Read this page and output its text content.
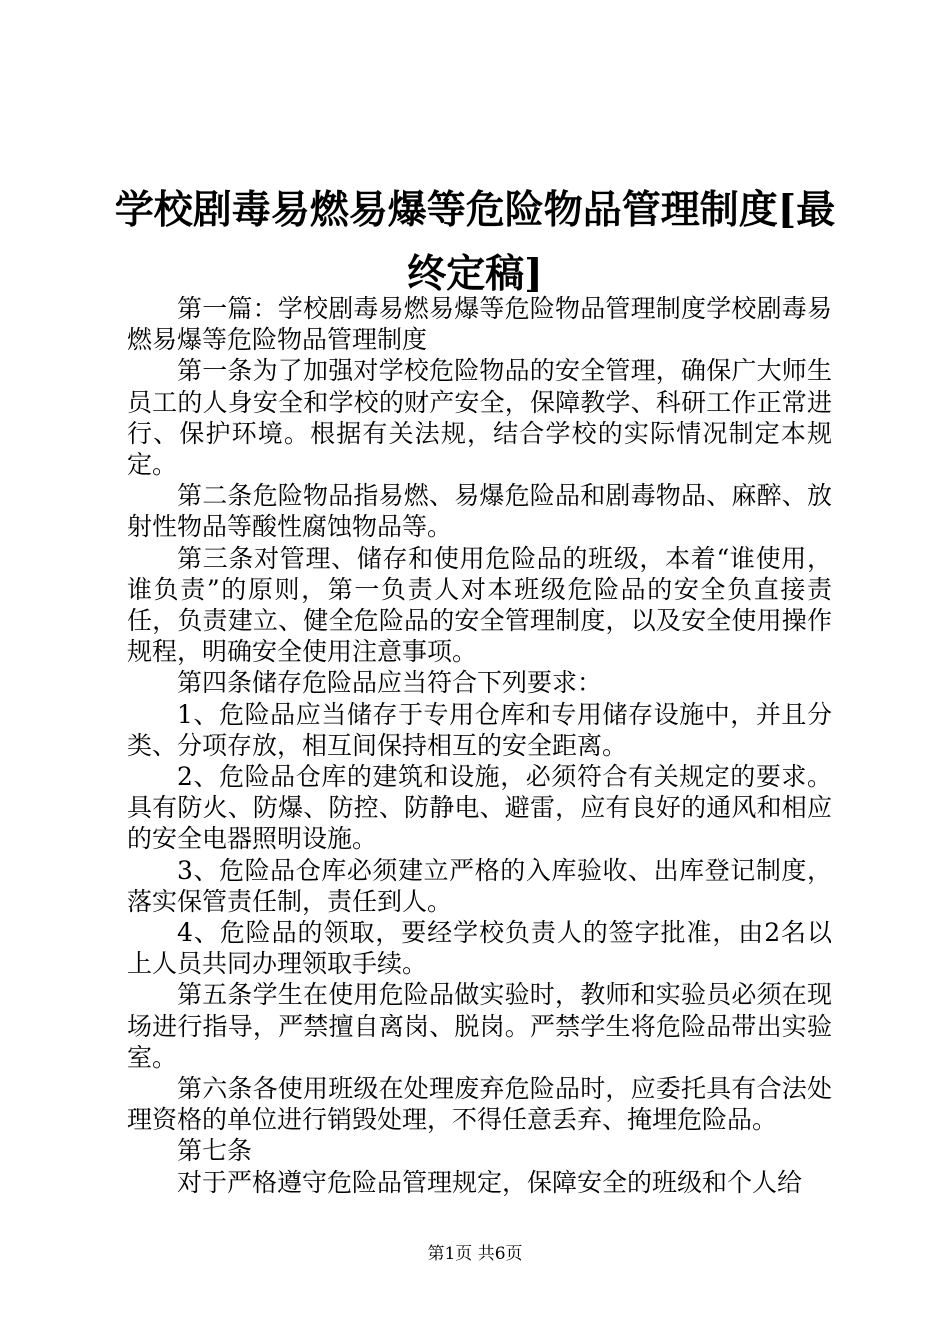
学校剧毒易燃易爆等危险物品管理制度[最终定稿]

第一篇：学校剧毒易燃易爆等危险物品管理制度学校剧毒易燃易爆等危险物品管理制度

第一条为了加强对学校危险物品的安全管理，确保广大师生员工的人身安全和学校的财产安全，保障教学、科研工作正常进行、保护环境。根据有关法规，结合学校的实际情况制定本规定。

第二条危险物品指易燃、易爆危险品和剧毒物品、麻醉、放射性物品等酸性腐蚀物品等。

第三条对管理、储存和使用危险品的班级，本着“谁使用，谁负责”的原则，第一负责人对本班级危险品的安全负直接责任，负责建立、健全危险品的安全管理制度，以及安全使用操作规程，明确安全使用注意事项。

第四条储存危险品应当符合下列要求：

1、危险品应当储存于专用仓库和专用储存设施中，并且分类、分项存放，相互间保持相互的安全距离。

2、危险品仓库的建筑和设施，必须符合有关规定的要求。具有防火、防爆、防控、防静电、避雷，应有良好的通风和相应的安全电器照明设施。

3、危险品仓库必须建立严格的入库验收、出库登记制度，落实保管责任制，责任到人。

4、危险品的领取，要经学校负责人的签字批准，由2名以上人员共同办理领取手续。

第五条学生在使用危险品做实验时，教师和实验员必须在现场进行指导，严禁擅自离岗、脱岗。严禁学生将危险品带出实验室。

第六条各使用班级在处理废弃危险品时，应委托具有合法处理资格的单位进行销毁处理，不得任意丢弃、掩埋危险品。

第七条

对于严格遵守危险品管理规定，保障安全的班级和个人给

第1页 共6页
